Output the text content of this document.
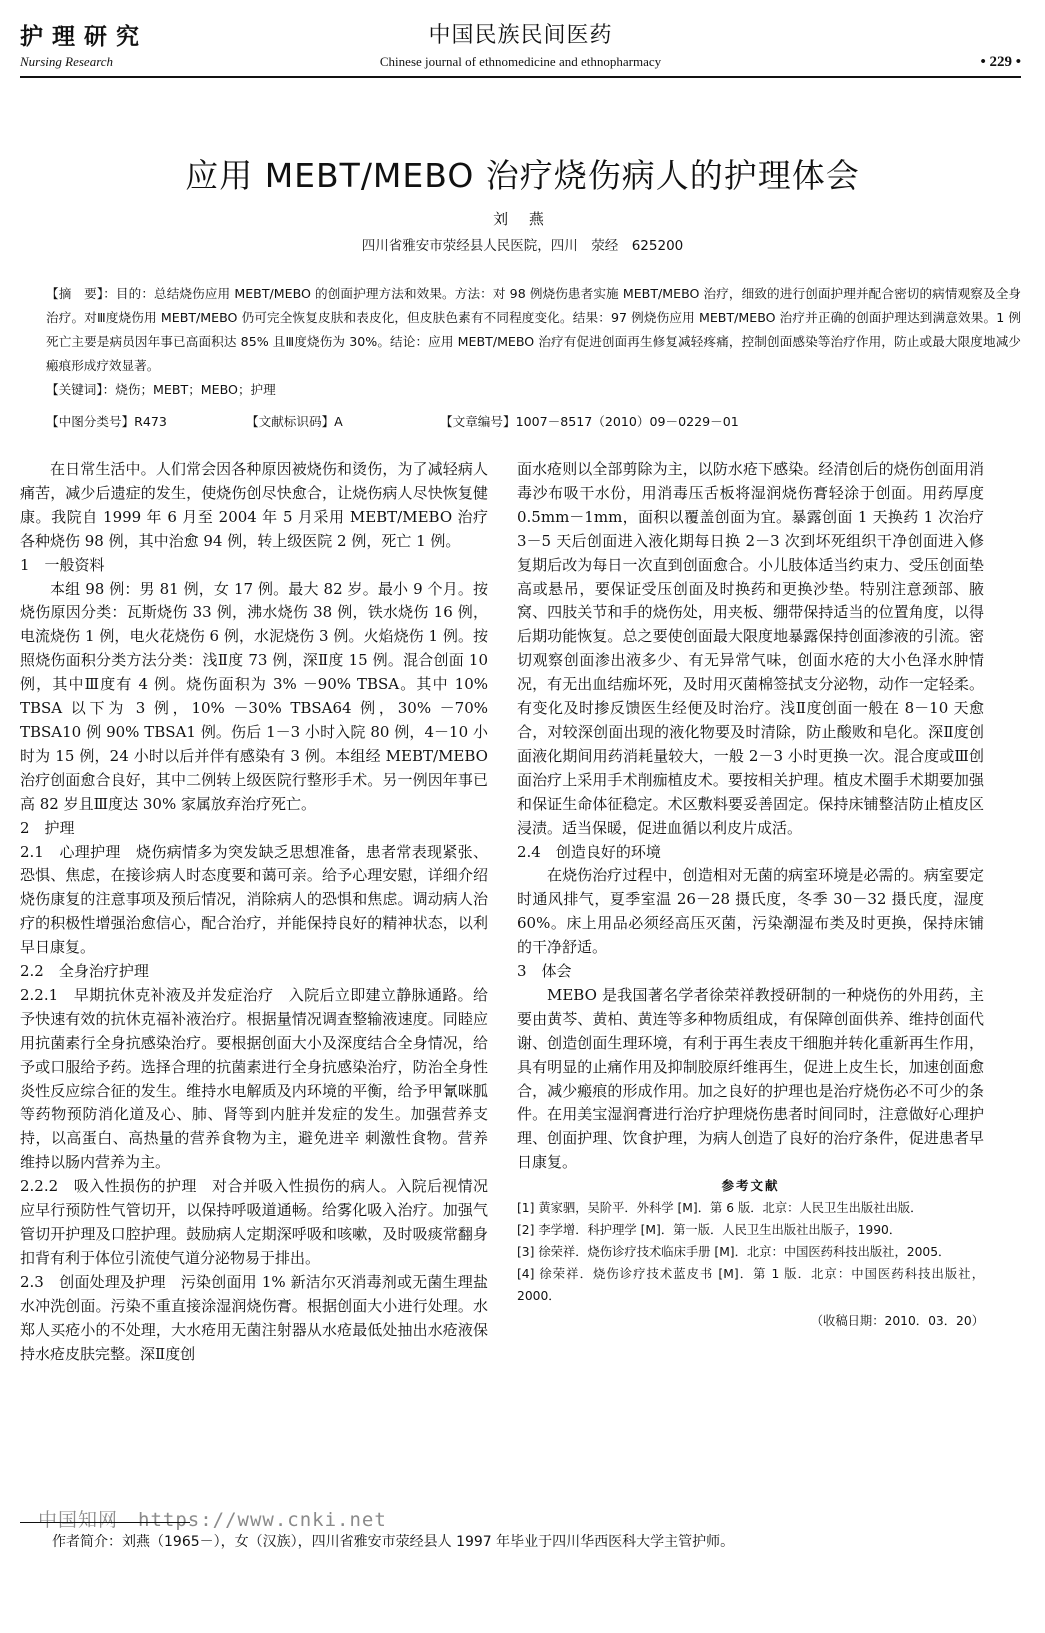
护理研究
Nursing Research
中国民族民间医药
Chinese journal of ethnomedicine and ethnopharmacy	• 229 •
应用 MEBT/MEBO 治疗烧伤病人的护理体会
刘 燕
四川省雅安市荥经县人民医院，四川　荥经　625200
【摘　要】：目的：总结烧伤应用 MEBT/MEBO 的创面护理方法和效果。方法：对 98 例烧伤患者实施 MEBT/MEBO 治疗，细致的进行创面护理并配合密切的病情观察及全身治疗。对Ⅲ度烧伤用 MEBT/MEBO 仍可完全恢复皮肤和表皮化，但皮肤色素有不同程度变化。结果：97 例烧伤应用 MEBT/MEBO 治疗并正确的创面护理达到满意效果。1 例死亡主要是病员因年事已高面积达 85% 且Ⅲ度烧伤为 30%。结论：应用 MEBT/MEBO 治疗有促进创面再生修复减轻疼痛，控制创面感染等治疗作用，防止或最大限度地减少瘢痕形成疗效显著。
【关键词】：烧伤；MEBT；MEBO；护理
【中图分类号】R473	【文献标识码】A	【文章编号】1007－8517（2010）09－0229－01

在日常生活中。人们常会因各种原因被烧伤和烫伤，为了减轻病人痛苦，减少后遗症的发生，使烧伤创尽快愈合，让烧伤病人尽快恢复健康。我院自 1999 年 6 月至 2004 年 5 月采用 MEBT/MEBO 治疗各种烧伤 98 例，其中治愈 94 例，转上级医院 2 例，死亡 1 例。

1　一般资料

本组 98 例：男 81 例，女 17 例。最大 82 岁。最小 9 个月。按烧伤原因分类：瓦斯烧伤 33 例，沸水烧伤 38 例，铁水烧伤 16 例，电流烧伤 1 例，电火花烧伤 6 例，水泥烧伤 3 例。火焰烧伤 1 例。按照烧伤面积分类方法分类：浅Ⅱ度 73 例，深Ⅱ度 15 例。混合创面 10 例，其中Ⅲ度有 4 例。烧伤面积为 3% －90% TBSA。其中 10% TBSA 以下为 3 例，10% －30% TBSA64 例，30% －70% TBSA10 例 90% TBSA1 例。伤后 1－3 小时入院 80 例，4－10 小时为 15 例，24 小时以后并伴有感染有 3 例。本组经 MEBT/MEBO 治疗创面愈合良好，其中二例转上级医院行整形手术。另一例因年事已高 82 岁且Ⅲ度达 30% 家属放弃治疗死亡。

2　护理

2.1　心理护理　烧伤病情多为突发缺乏思想准备，患者常表现紧张、恐惧、焦虑，在接诊病人时态度要和蔼可亲。给予心理安慰，详细介绍烧伤康复的注意事项及预后情况，消除病人的恐惧和焦虑。调动病人治疗的积极性增强治愈信心，配合治疗，并能保持良好的精神状态，以利早日康复。

2.2　全身治疗护理

2.2.1　早期抗休克补液及并发症治疗　入院后立即建立静脉通路。给予快速有效的抗休克福补液治疗。根据量情况调查整输液速度。同睦应用抗菌素行全身抗感染治疗。要根据创面大小及深度结合全身情况，给予或口服给予药。选择合理的抗菌素进行全身抗感染治疗，防治全身性炎性反应综合征的发生。维持水电解质及内环境的平衡，给予甲氰咪胍等药物预防消化道及心、肺、肾等到内脏并发症的发生。加强营养支持，以高蛋白、高热量的营养食物为主，避免进辛 刺激性食物。营养维持以肠内营养为主。

2.2.2　吸入性损伤的护理　对合并吸入性损伤的病人。入院后视情况应早行预防性气管切开，以保持呼吸道通畅。给雾化吸入治疗。加强气管切开护理及口腔护理。鼓励病人定期深呼吸和咳嗽，及时吸痰常翻身扣背有利于体位引流使气道分泌物易于排出。

2.3　创面处理及护理　污染创面用 1% 新洁尔灭消毒剂或无菌生理盐水冲洗创面。污染不重直接涂湿润烧伤膏。根据创面大小进行处理。水郑人买疮小的不处理，大水疮用无菌注射器从水疮最低处抽出水疮液保持水疮皮肤完整。深Ⅱ度创

面水疮则以全部剪除为主，以防水疮下感染。经清创后的烧伤创面用消毒沙布吸干水份，用消毒压舌板将湿润烧伤膏轻涂于创面。用药厚度 0.5mm－1mm，面积以覆盖创面为宜。暴露创面 1 天换药 1 次治疗 3－5 天后创面进入液化期每日换 2－3 次到坏死组织干净创面进入修复期后改为每日一次直到创面愈合。小儿肢体适当约束力、受压创面垫高或悬吊，要保证受压创面及时换药和更换沙垫。特别注意颈部、腋窝、四肢关节和手的烧伤处，用夹板、绷带保持适当的位置角度，以得后期功能恢复。总之要使创面最大限度地暴露保持创面渗液的引流。密切观察创面渗出液多少、有无异常气味，创面水疮的大小色泽水肿情况，有无出血结痂坏死，及时用灭菌棉签拭支分泌物，动作一定轻柔。有变化及时掺反馈医生经便及时治疗。浅Ⅱ度创面一般在 8－10 天愈合，对较深创面出现的液化物要及时清除，防止酸败和皂化。深Ⅱ度创面液化期间用药消耗量较大，一般 2－3 小时更换一次。混合度或Ⅲ创面治疗上采用手术削痂植皮术。要按相关护理。植皮术圈手术期要加强和保证生命体征稳定。术区敷料要妥善固定。保持床铺整洁防止植皮区浸渍。适当保暖，促进血循以利皮片成活。

2.4　创造良好的环境

在烧伤治疗过程中，创造相对无菌的病室环境是必需的。病室要定时通风排气，夏季室温 26－28 摄氏度，冬季 30－32 摄氏度，湿度 60%。床上用品必须经高压灭菌，污染潮湿布类及时更换，保持床铺的干净舒适。

3　体会

MEBO 是我国著名学者徐荣祥教授研制的一种烧伤的外用药，主要由黄芩、黄柏、黄连等多种物质组成，有保障创面供养、维持创面代谢、创造创面生理环境，有利于再生表皮干细胞并转化重新再生作用，具有明显的止痛作用及抑制胶原纤维再生，促进上皮生长，加速创面愈合，减少瘢痕的形成作用。加之良好的护理也是治疗烧伤必不可少的条件。在用美宝湿润膏进行治疗护理烧伤患者时间同时，注意做好心理护理、创面护理、饮食护理，为病人创造了良好的治疗条件，促进患者早日康复。

参考文献

[1] 黄家驷，吴阶平．外科学 [M]．第 6 版．北京：人民卫生出版社出版．

[2] 李学增．科护理学 [M]．第一版．人民卫生出版社出版子，1990．

[3] 徐荣祥．烧伤诊疗技术临床手册 [M]．北京：中国医药科技出版社，2005．

[4] 徐荣祥．烧伤诊疗技术蓝皮书 [M]．第 1 版．北京：中国医药科技出版社，2000．

（收稿日期：2010．03．20）
中国知网　https://www.cnki.net
作者简介：刘燕（1965－），女（汉族），四川省雅安市荥经县人 1997 年毕业于四川华西医科大学主管护师。
